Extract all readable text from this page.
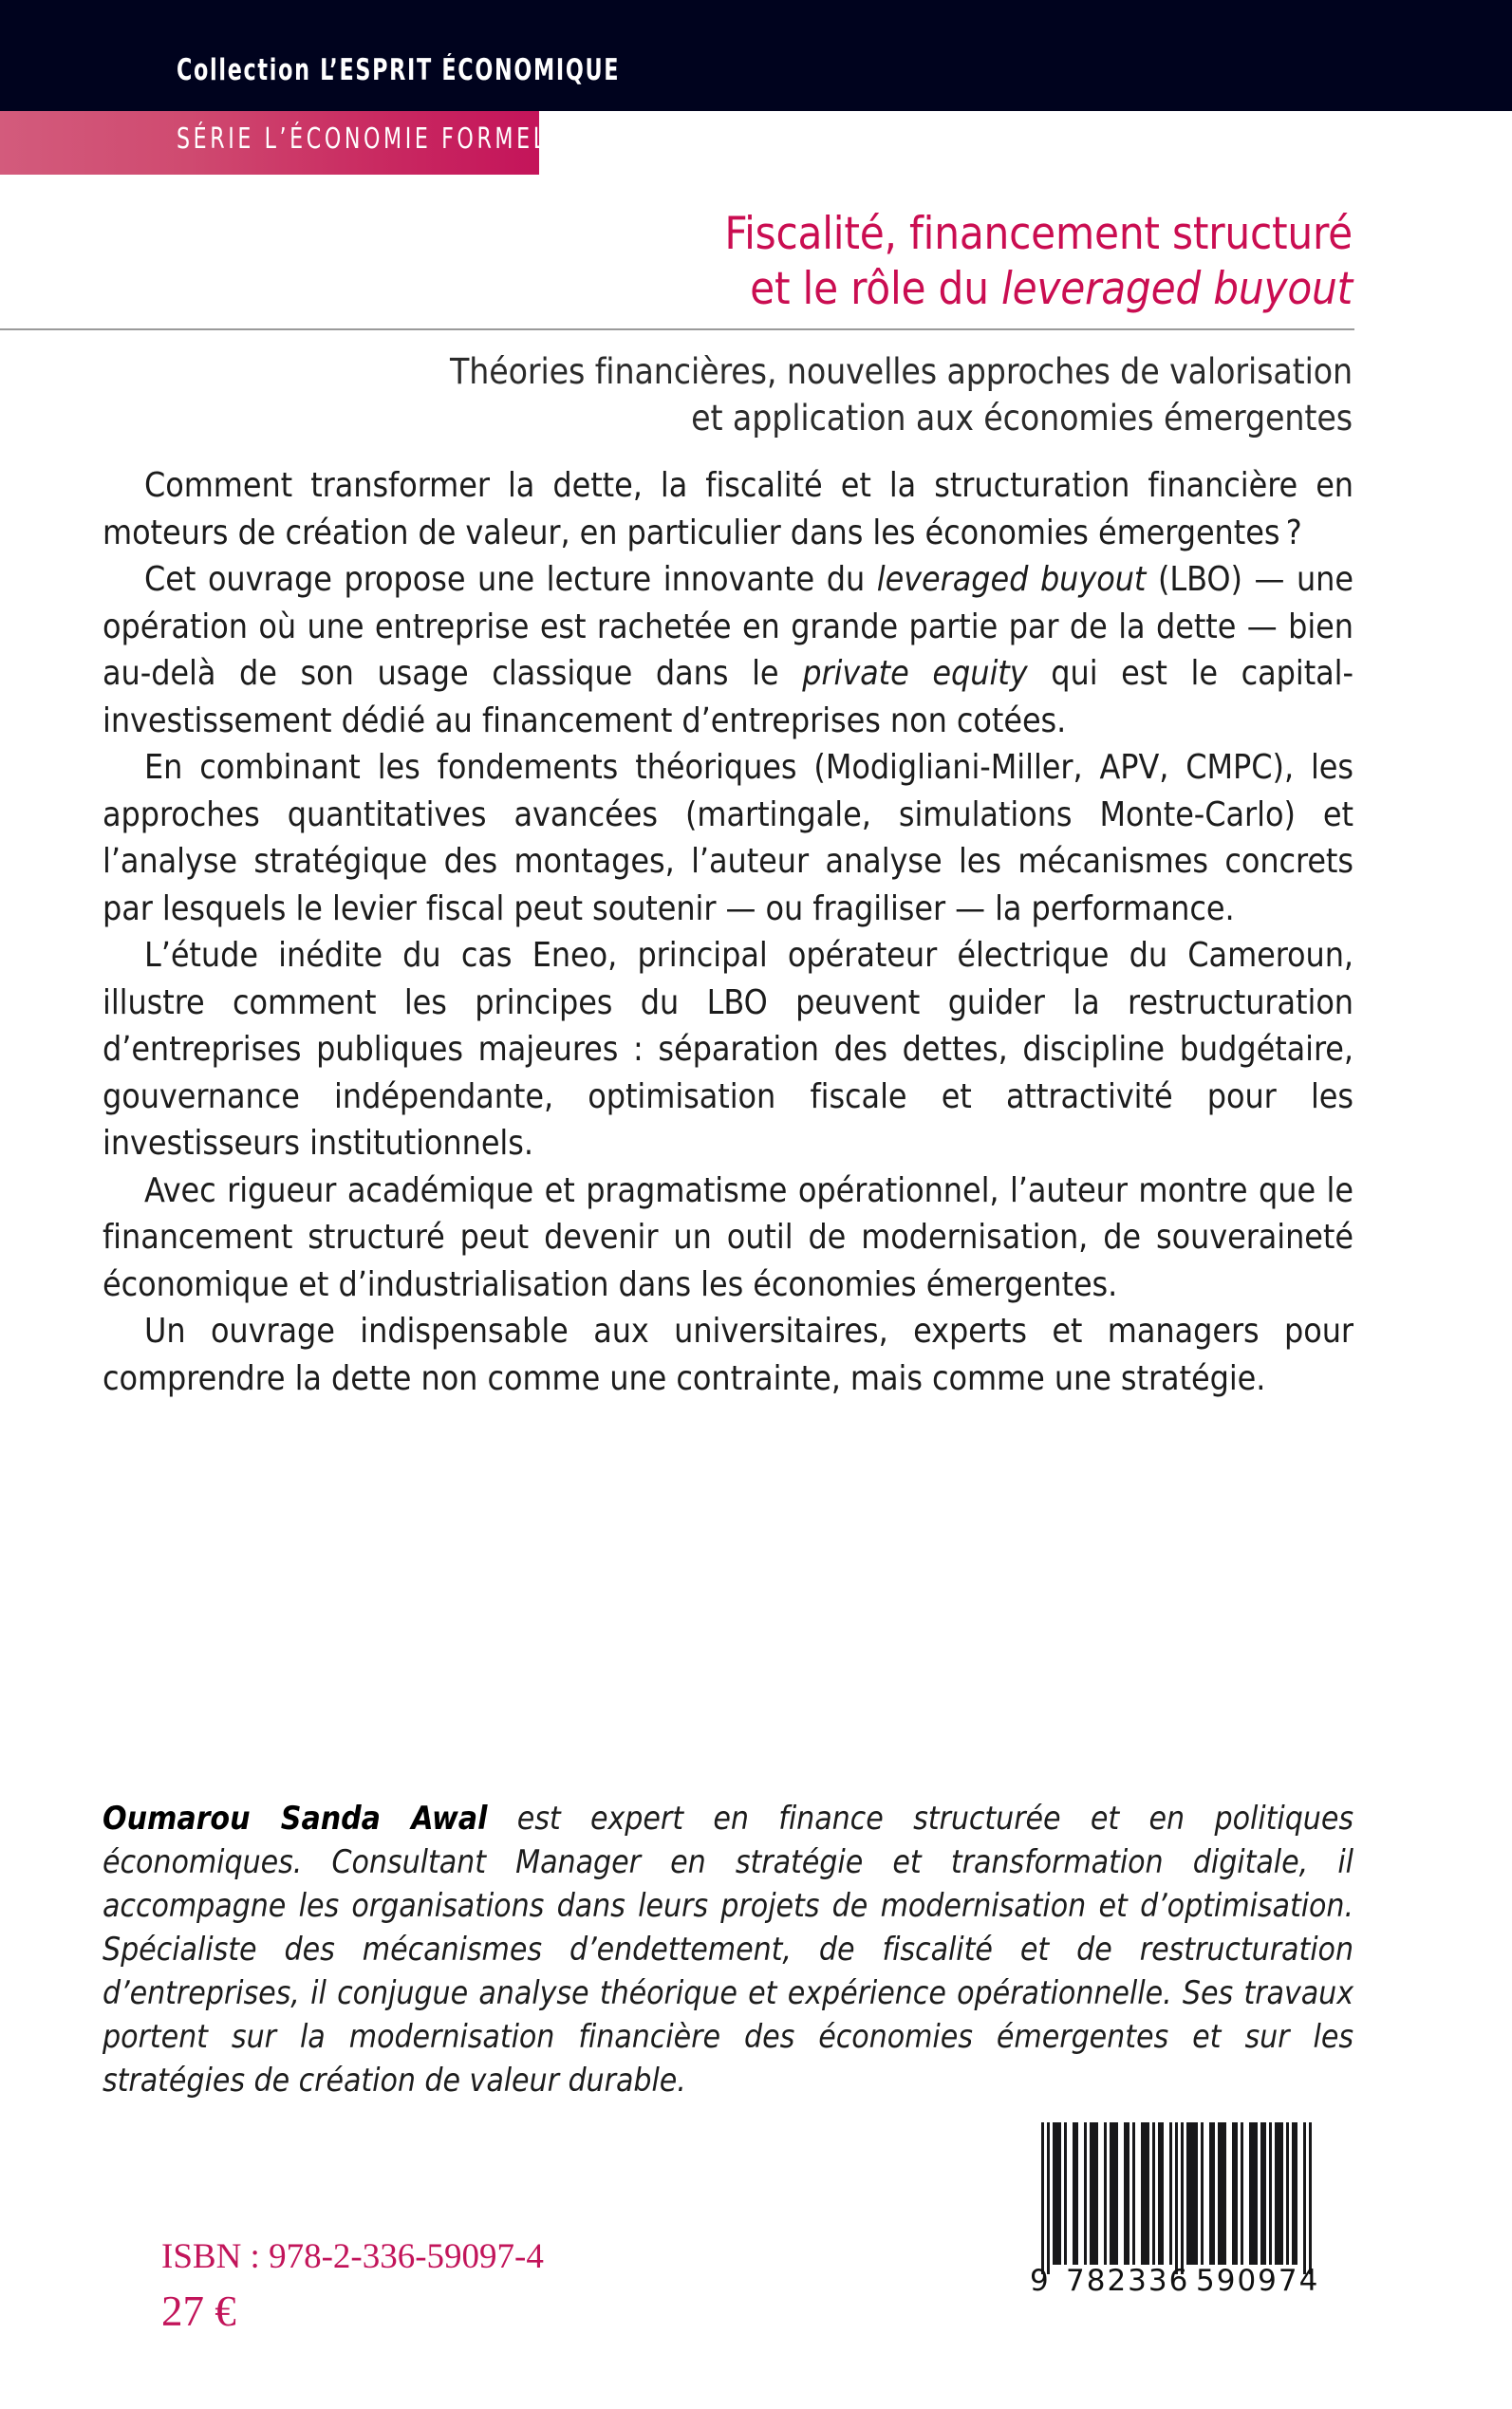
Collection L’ESPRIT ÉCONOMIQUE
SÉRIE L’ÉCONOMIE FORMELLE
Fiscalité, financement structuré
et le rôle du leveraged buyout
Théories financières, nouvelles approches de valorisation
et application aux économies émergentes

Comment transformer la dette, la fiscalité et la structuration financière en moteurs de création de valeur, en particulier dans les économies émergentes ?

Cet ouvrage propose une lecture innovante du leveraged buyout (LBO) — une opération où une entreprise est rachetée en grande partie par de la dette — bien au-delà de son usage classique dans le private equity qui est le capital-investissement dédié au financement d’entreprises non cotées.

En combinant les fondements théoriques (Modigliani-Miller, APV, CMPC), les approches quantitatives avancées (martingale, simulations Monte-Carlo) et l’analyse stratégique des montages, l’auteur analyse les mécanismes concrets par lesquels le levier fiscal peut soutenir — ou fragiliser — la performance.

L’étude inédite du cas Eneo, principal opérateur électrique du Cameroun, illustre comment les principes du LBO peuvent guider la restructuration d’entreprises publiques majeures : séparation des dettes, discipline budgétaire, gouvernance indépendante, optimisation fiscale et attractivité pour les investisseurs institutionnels.

Avec rigueur académique et pragmatisme opérationnel, l’auteur montre que le financement structuré peut devenir un outil de modernisation, de souveraineté économique et d’industrialisation dans les économies émergentes.

Un ouvrage indispensable aux universitaires, experts et managers pour comprendre la dette non comme une contrainte, mais comme une stratégie.

Oumarou Sanda Awal est expert en finance structurée et en politiques économiques. Consultant Manager en stratégie et transformation digitale, il accompagne les organisations dans leurs projets de modernisation et d’optimisation. Spécialiste des mécanismes d’endettement, de fiscalité et de restructuration d’entreprises, il conjugue analyse théorique et expérience opérationnelle. Ses travaux portent sur la modernisation financière des économies émergentes et sur les stratégies de création de valeur durable.

ISBN : 978-2-336-59097-4
27 €
9 782336 590974
